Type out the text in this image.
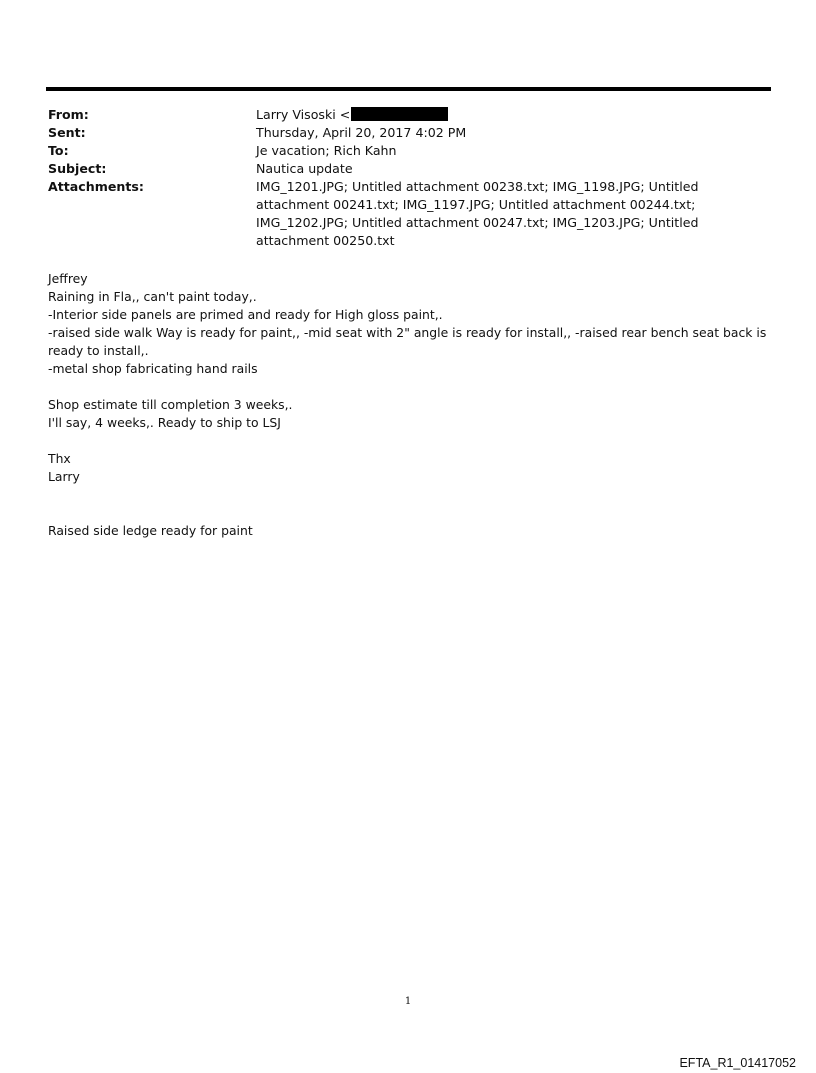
From:	Larry Visoski <
Sent:	Thursday, April 20, 2017 4:02 PM
To:	Je vacation; Rich Kahn
Subject:	Nautica update
Attachments:	IMG_1201.JPG; Untitled attachment 00238.txt; IMG_1198.JPG; Untitled attachment 00241.txt; IMG_1197.JPG; Untitled attachment 00244.txt; IMG_1202.JPG; Untitled attachment 00247.txt; IMG_1203.JPG; Untitled attachment 00250.txt

Jeffrey

Raining in Fla,, can't paint today,.

-Interior side panels are primed and ready for High gloss paint,.

-raised side walk Way is ready for paint,, -mid seat with 2" angle is ready for install,, -raised rear bench seat back is ready to install,.

-metal shop fabricating hand rails

Shop estimate till completion 3 weeks,.

I'll say, 4 weeks,. Ready to ship to LSJ

Thx

Larry

Raised side ledge ready for paint

1
EFTA_R1_01417052
